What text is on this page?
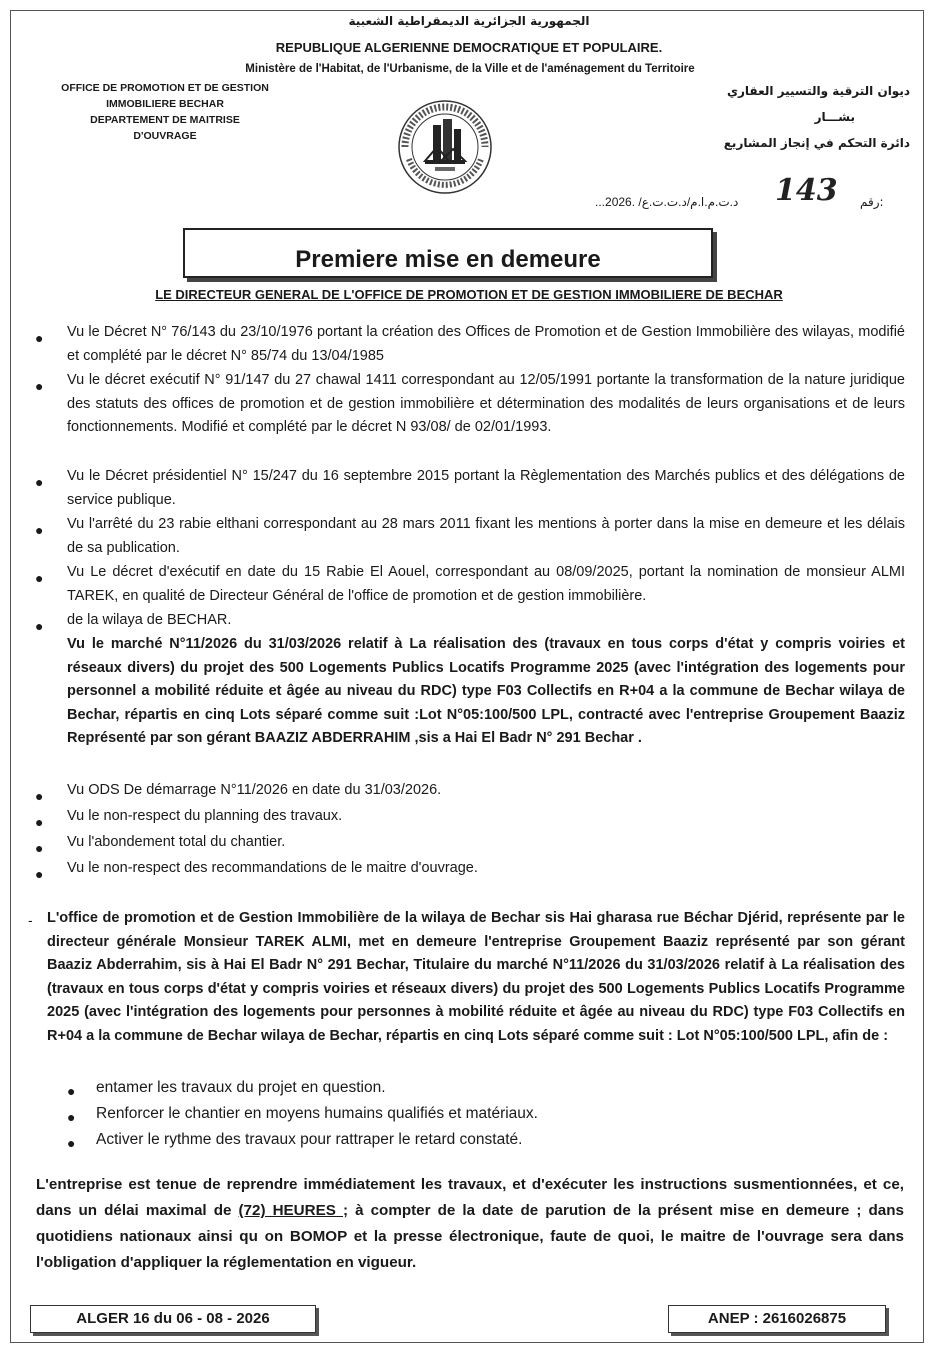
الجمهورية الجزائرية الديمقراطية الشعبية
REPUBLIQUE ALGERIENNE DEMOCRATIQUE ET POPULAIRE.
Ministère de l'Habitat, de l'Urbanisme, de la Ville et de l'aménagement du Territoire
OFFICE DE PROMOTION ET DE GESTION
IMMOBILIERE BECHAR
DEPARTEMENT DE MAITRISE
D'OUVRAGE
ديوان الترقية والتسيير العقاري
بشـــار
دائرة التحكم في إنجاز المشاريع
...د.ت.م.ا.م/د.ت.ت.ع/ .2026 143 رقم:
Premiere mise en demeure
LE DIRECTEUR GENERAL DE L'OFFICE DE PROMOTION ET DE GESTION IMMOBILIERE DE BECHAR
● Vu le Décret N° 76/143 du 23/10/1976 portant la création des Offices de Promotion et de Gestion Immobilière des wilayas, modifié et complété par le décret N° 85/74 du 13/04/1985
● Vu le décret exécutif N° 91/147 du 27 chawal 1411 correspondant au 12/05/1991 portante la transformation de la nature juridique des statuts des offices de promotion et de gestion immobilière et détermination des modalités de leurs organisations et de leurs fonctionnements. Modifié et complété par le décret N 93/08/ de 02/01/1993.
● Vu le Décret présidentiel N° 15/247 du 16 septembre 2015 portant la Règlementation des Marchés publics et des délégations de service publique.
● Vu l'arrêté du 23 rabie elthani correspondant au 28 mars 2011 fixant les mentions à porter dans la mise en demeure et les délais de sa publication.
● Vu Le décret d'exécutif en date du 15 Rabie El Aouel, correspondant au 08/09/2025, portant la nomination de monsieur ALMI TAREK, en qualité de Directeur Général de l'office de promotion et de gestion immobilière.
● de la wilaya de BECHAR.
Vu le marché N°11/2026 du 31/03/2026 relatif à La réalisation des (travaux en tous corps d'état y compris voiries et réseaux divers) du projet des 500 Logements Publics Locatifs Programme 2025 (avec l'intégration des logements pour personnel a mobilité réduite et âgée au niveau du RDC) type F03 Collectifs en R+04 a la commune de Bechar wilaya de Bechar, répartis en cinq Lots séparé comme suit :Lot N°05:100/500 LPL, contracté avec l'entreprise Groupement Baaziz Représenté par son gérant BAAZIZ ABDERRAHIM ,sis a Hai El Badr N° 291 Bechar .
● Vu ODS De démarrage N°11/2026 en date du 31/03/2026.
● Vu le non-respect du planning des travaux.
● Vu l'abondement total du chantier.
● Vu le non-respect des recommandations de le maitre d'ouvrage.
- L'office de promotion et de Gestion Immobilière de la wilaya de Bechar sis Hai gharasa rue Béchar Djérid, représente par le directeur générale Monsieur TAREK ALMI, met en demeure l'entreprise Groupement Baaziz représenté par son gérant Baaziz Abderrahim, sis à Hai El Badr N° 291 Bechar, Titulaire du marché N°11/2026 du 31/03/2026 relatif à La réalisation des (travaux en tous corps d'état y compris voiries et réseaux divers) du projet des 500 Logements Publics Locatifs Programme 2025 (avec l'intégration des logements pour personnes à mobilité réduite et âgée au niveau du RDC) type F03 Collectifs en R+04 a la commune de Bechar wilaya de Bechar, répartis en cinq Lots séparé comme suit : Lot N°05:100/500 LPL, afin de :
● entamer les travaux du projet en question.
● Renforcer le chantier en moyens humains qualifiés et matériaux.
● Activer le rythme des travaux pour rattraper le retard constaté.
L'entreprise est tenue de reprendre immédiatement les travaux, et d'exécuter les instructions susmentionnées, et ce, dans un délai maximal de (72) HEURES ; à compter de la date de parution de la présent mise en demeure ; dans quotidiens nationaux ainsi qu on BOMOP et la presse électronique, faute de quoi, le maitre de l'ouvrage sera dans l'obligation d'appliquer la réglementation en vigueur.
ALGER 16 du 06 - 08 - 2026	ANEP : 2616026875
